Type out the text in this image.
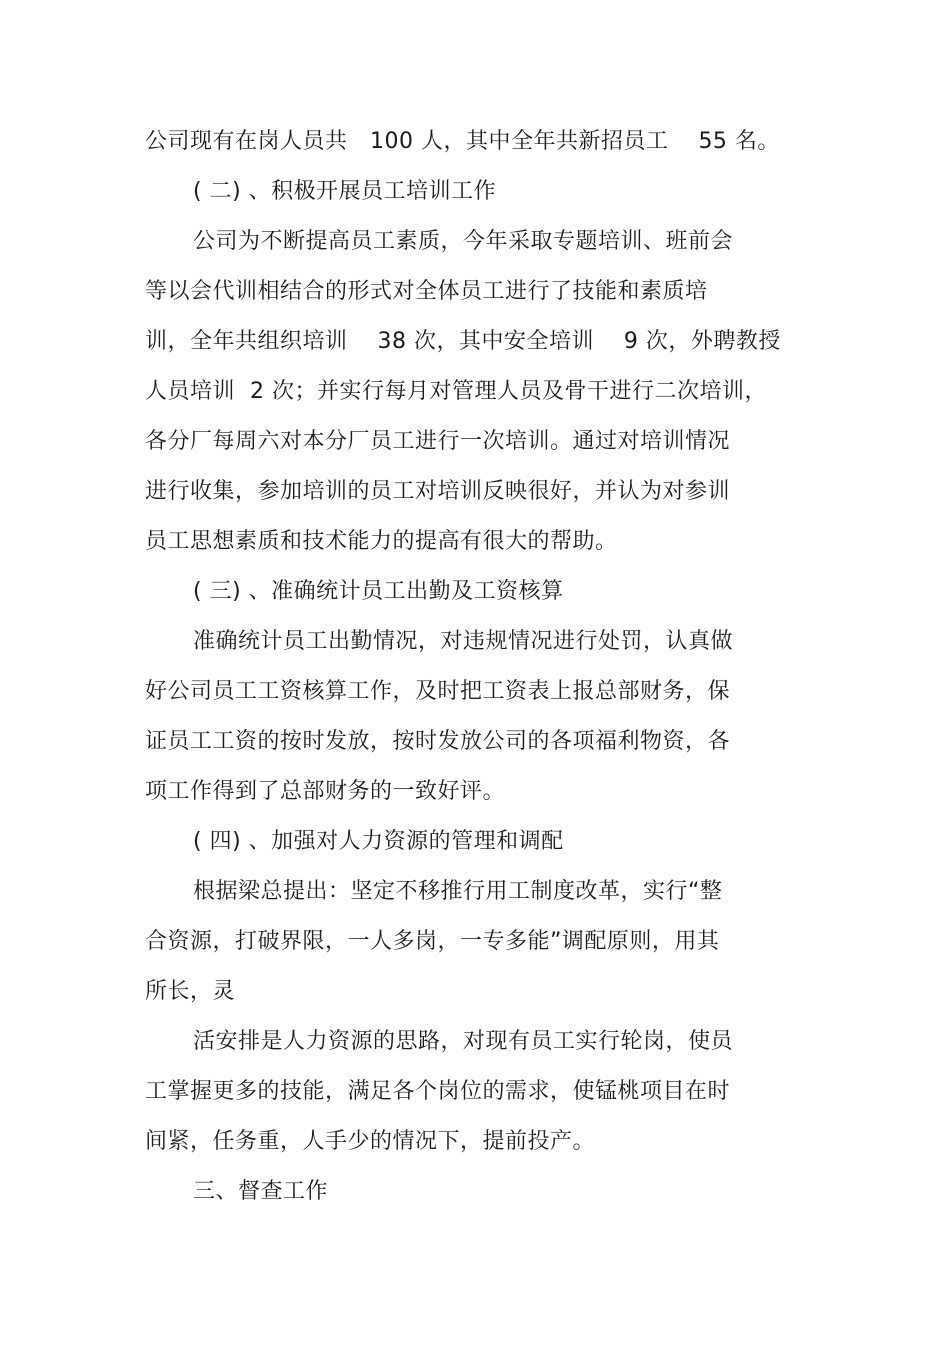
公司现有在岗人员共   100 人，其中全年共新招员工    55 名。
( 二) 、积极开展员工培训工作
公司为不断提高员工素质，今年采取专题培训、班前会
等以会代训相结合的形式对全体员工进行了技能和素质培
训，全年共组织培训    38 次，其中安全培训    9 次，外聘教授
人员培训  2 次；并实行每月对管理人员及骨干进行二次培训，
各分厂每周六对本分厂员工进行一次培训。通过对培训情况
进行收集，参加培训的员工对培训反映很好，并认为对参训
员工思想素质和技术能力的提高有很大的帮助。
( 三) 、准确统计员工出勤及工资核算
准确统计员工出勤情况，对违规情况进行处罚，认真做
好公司员工工资核算工作，及时把工资表上报总部财务，保
证员工工资的按时发放，按时发放公司的各项福利物资，各
项工作得到了总部财务的一致好评。
( 四) 、加强对人力资源的管理和调配
根据梁总提出：坚定不移推行用工制度改革，实行“整
合资源，打破界限，一人多岗，一专多能”调配原则，用其
所长，灵
活安排是人力资源的思路，对现有员工实行轮岗，使员
工掌握更多的技能，满足各个岗位的需求，使锰桃项目在时
间紧，任务重，人手少的情况下，提前投产。
三、督查工作
